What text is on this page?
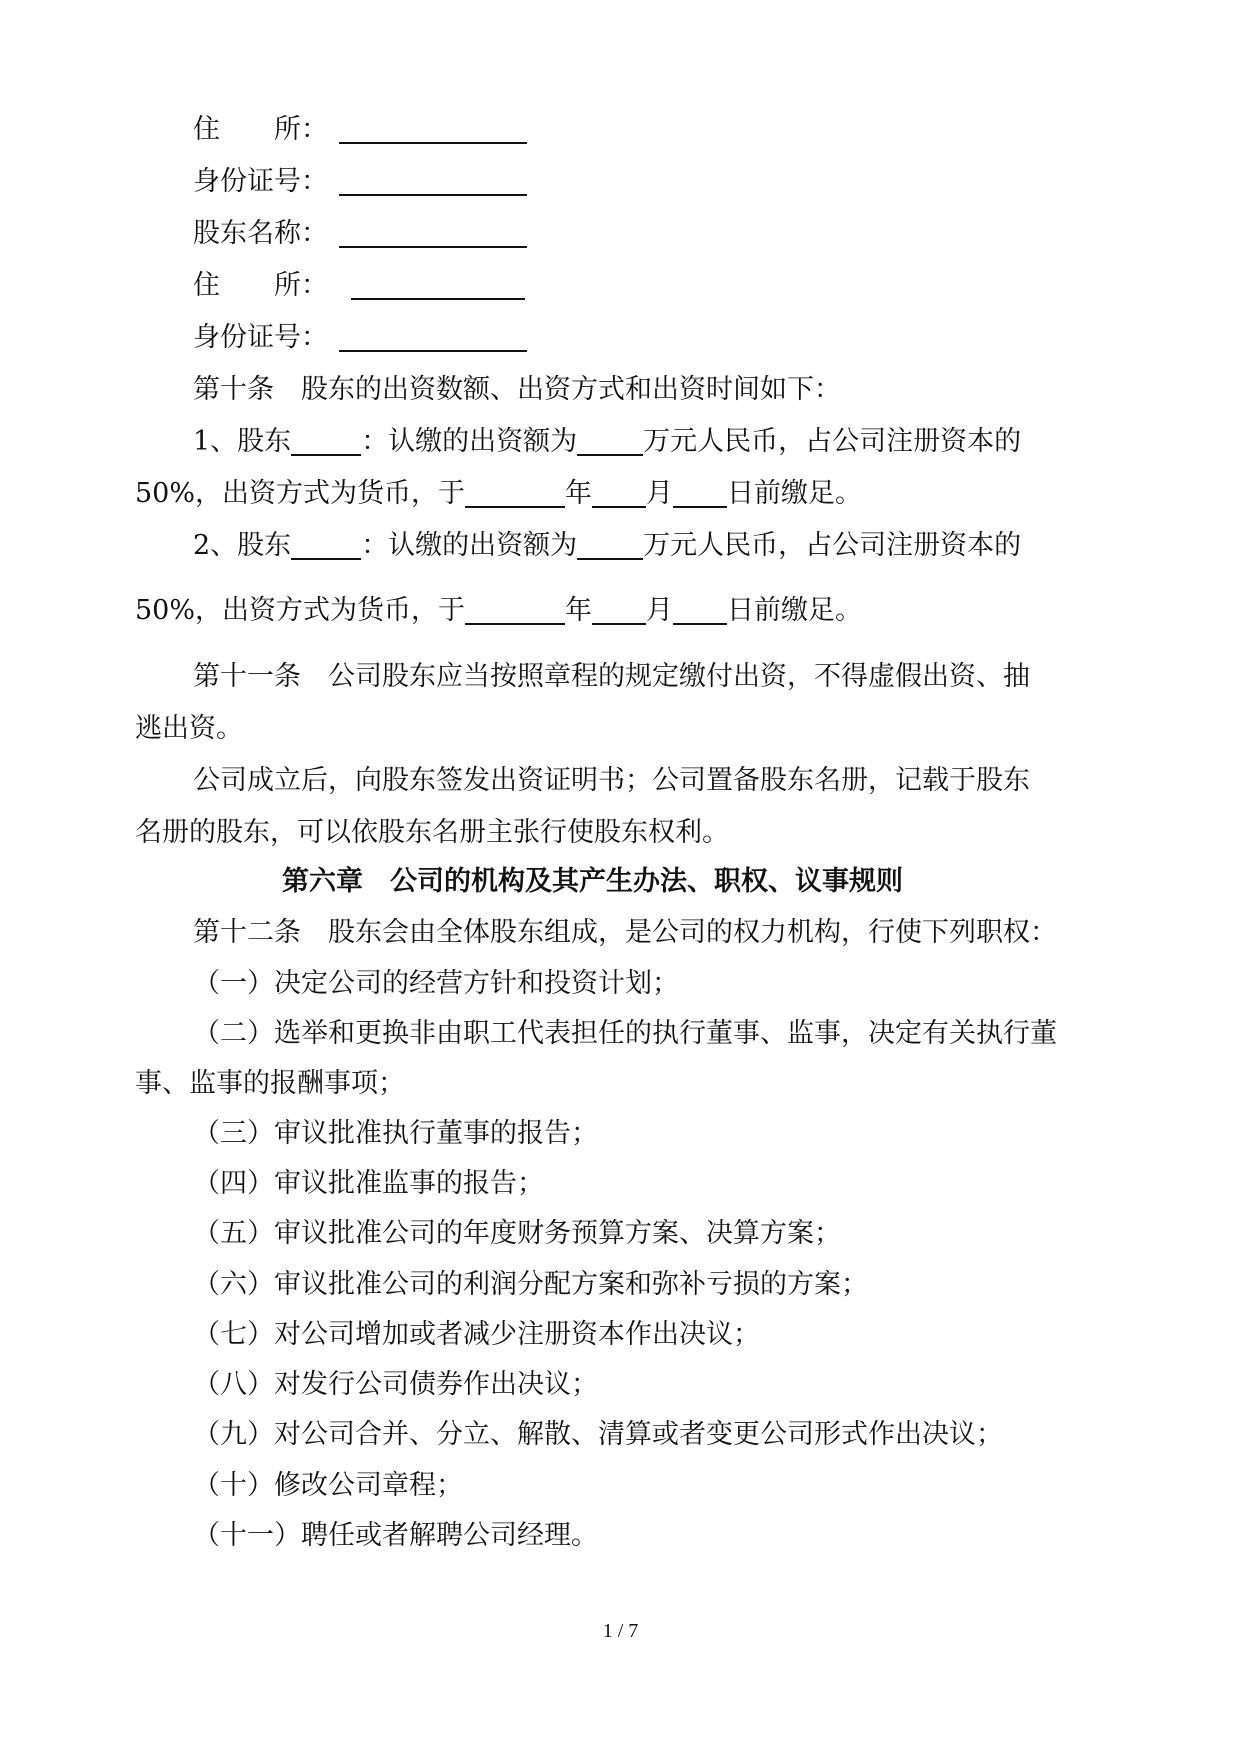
住　　所：
身份证号：
股东名称：
住　　所：
身份证号：
第十条　股东的出资数额、出资方式和出资时间如下：
1、股东	：认缴的出资额为 万元人民币，占公司注册资本的
50%，出资方式为货币，于	年 月 日前缴足。
2、股东	：认缴的出资额为 万元人民币，占公司注册资本的
50%，出资方式为货币，于	年 月 日前缴足。
第十一条　公司股东应当按照章程的规定缴付出资，不得虚假出资、抽
逃出资。
公司成立后，向股东签发出资证明书；公司置备股东名册，记载于股东
名册的股东，可以依股东名册主张行使股东权利。
第六章　公司的机构及其产生办法、职权、议事规则
第十二条　股东会由全体股东组成，是公司的权力机构，行使下列职权：
（一）决定公司的经营方针和投资计划；
（二）选举和更换非由职工代表担任的执行董事、监事，决定有关执行董
事、监事的报酬事项；
（三）审议批准执行董事的报告；
（四）审议批准监事的报告；
（五）审议批准公司的年度财务预算方案、决算方案；
（六）审议批准公司的利润分配方案和弥补亏损的方案；
（七）对公司增加或者减少注册资本作出决议；
（八）对发行公司债券作出决议；
（九）对公司合并、分立、解散、清算或者变更公司形式作出决议；
（十）修改公司章程；
（十一）聘任或者解聘公司经理。
1 / 7
